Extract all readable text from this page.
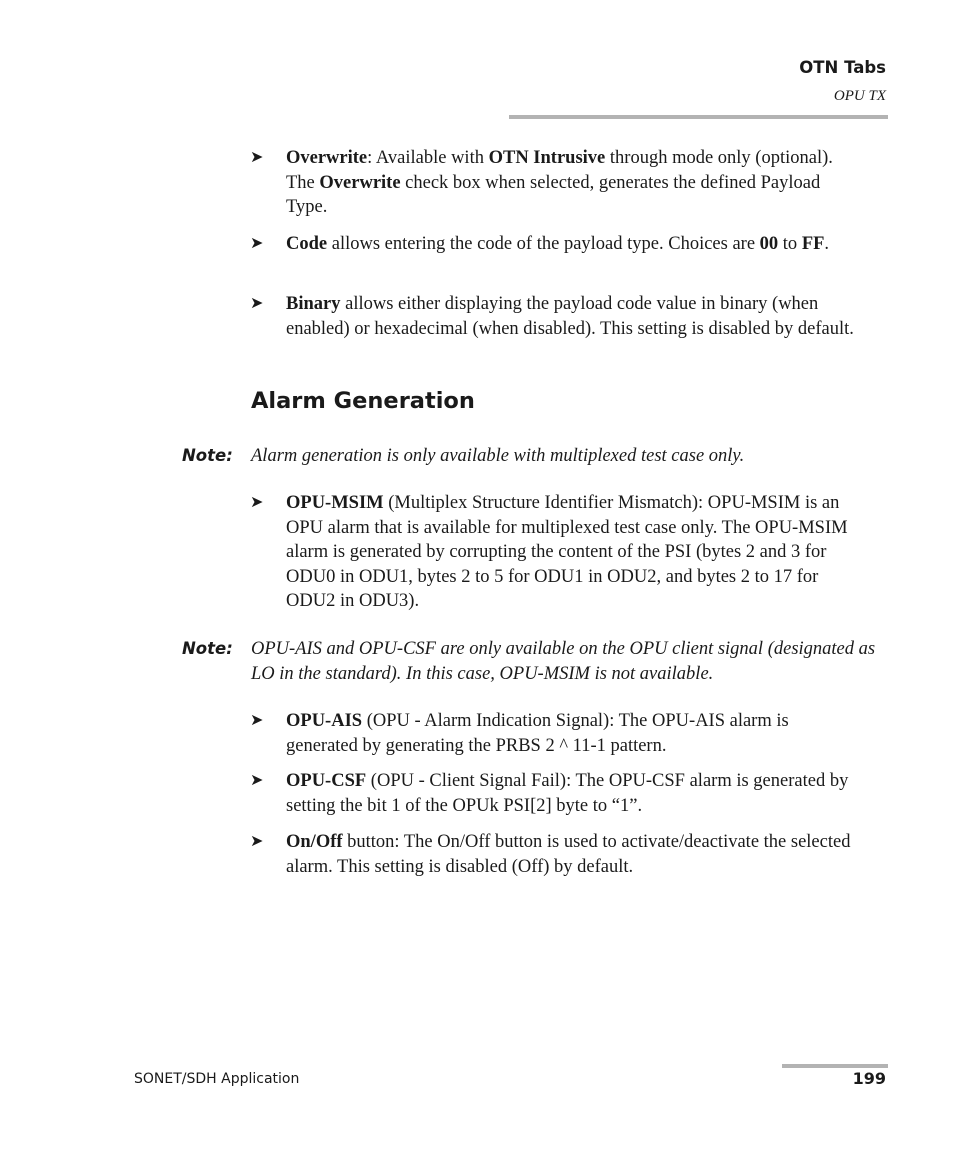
OTN Tabs
OPU TX
➤	Overwrite: Available with OTN Intrusive through mode only (optional). The Overwrite check box when selected, generates the defined Payload Type.
➤	Code allows entering the code of the payload type. Choices are 00 to FF.
➤	Binary allows either displaying the payload code value in binary (when enabled) or hexadecimal (when disabled). This setting is disabled by default.
Alarm Generation
Note: Alarm generation is only available with multiplexed test case only.
➤	OPU-MSIM (Multiplex Structure Identifier Mismatch): OPU-MSIM is an OPU alarm that is available for multiplexed test case only. The OPU-MSIM alarm is generated by corrupting the content of the PSI (bytes 2 and 3 for ODU0 in ODU1, bytes 2 to 5 for ODU1 in ODU2, and bytes 2 to 17 for ODU2 in ODU3).
Note: OPU-AIS and OPU-CSF are only available on the OPU client signal (designated as LO in the standard). In this case, OPU-MSIM is not available.
➤	OPU-AIS (OPU - Alarm Indication Signal): The OPU-AIS alarm is generated by generating the PRBS 2 ^ 11-1 pattern.
➤	OPU-CSF (OPU - Client Signal Fail): The OPU-CSF alarm is generated by setting the bit 1 of the OPUk PSI[2] byte to “1”.
➤	On/Off button: The On/Off button is used to activate/deactivate the selected alarm. This setting is disabled (Off) by default.
SONET/SDH Application	199
